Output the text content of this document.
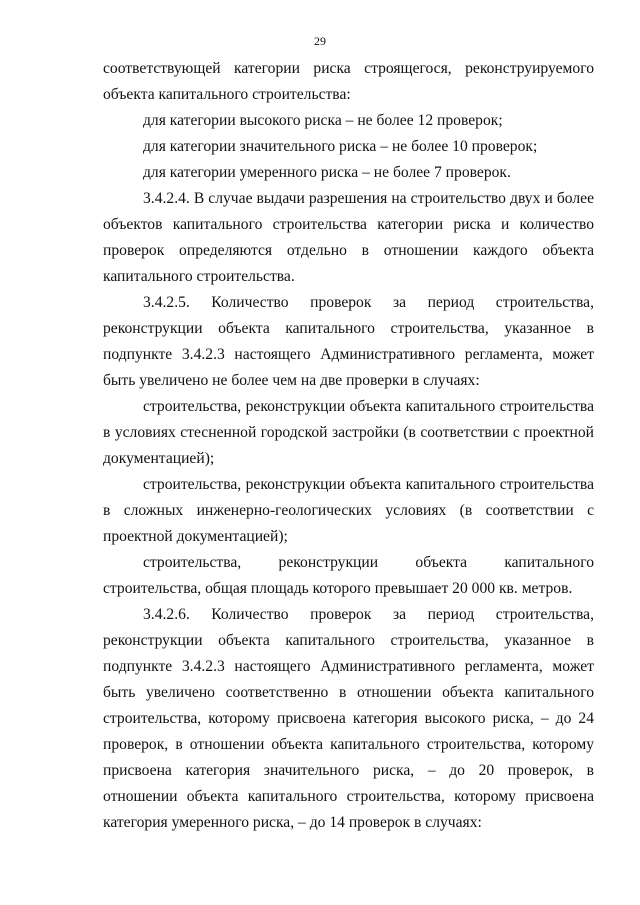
29

соответствующей категории риска строящегося, реконструируемого объекта капитального строительства:

для категории высокого риска – не более 12 проверок;

для категории значительного риска – не более 10 проверок;

для категории умеренного риска – не более 7 проверок.

3.4.2.4. В случае выдачи разрешения на строительство двух и более объектов капитального строительства категории риска и количество проверок определяются отдельно в отношении каждого объекта капитального строительства.

3.4.2.5. Количество проверок за период строительства, реконструкции объекта капитального строительства, указанное в подпункте 3.4.2.3 настоящего Административного регламента, может быть увеличено не более чем на две проверки в случаях:

строительства, реконструкции объекта капитального строительства в условиях стесненной городской застройки (в соответствии с проектной документацией);

строительства, реконструкции объекта капитального строительства в сложных инженерно-геологических условиях (в соответствии с проектной документацией);

строительства, реконструкции объекта капитального строительства, общая площадь которого превышает 20 000 кв. метров.

3.4.2.6. Количество проверок за период строительства, реконструкции объекта капитального строительства, указанное в подпункте 3.4.2.3 настоящего Административного регламента, может быть увеличено соответственно в отношении объекта капитального строительства, которому присвоена категория высокого риска, – до 24 проверок, в отношении объекта капитального строительства, которому присвоена категория значительного риска, – до 20 проверок, в отношении объекта капитального строительства, которому присвоена категория умеренного риска, – до 14 проверок в случаях:
